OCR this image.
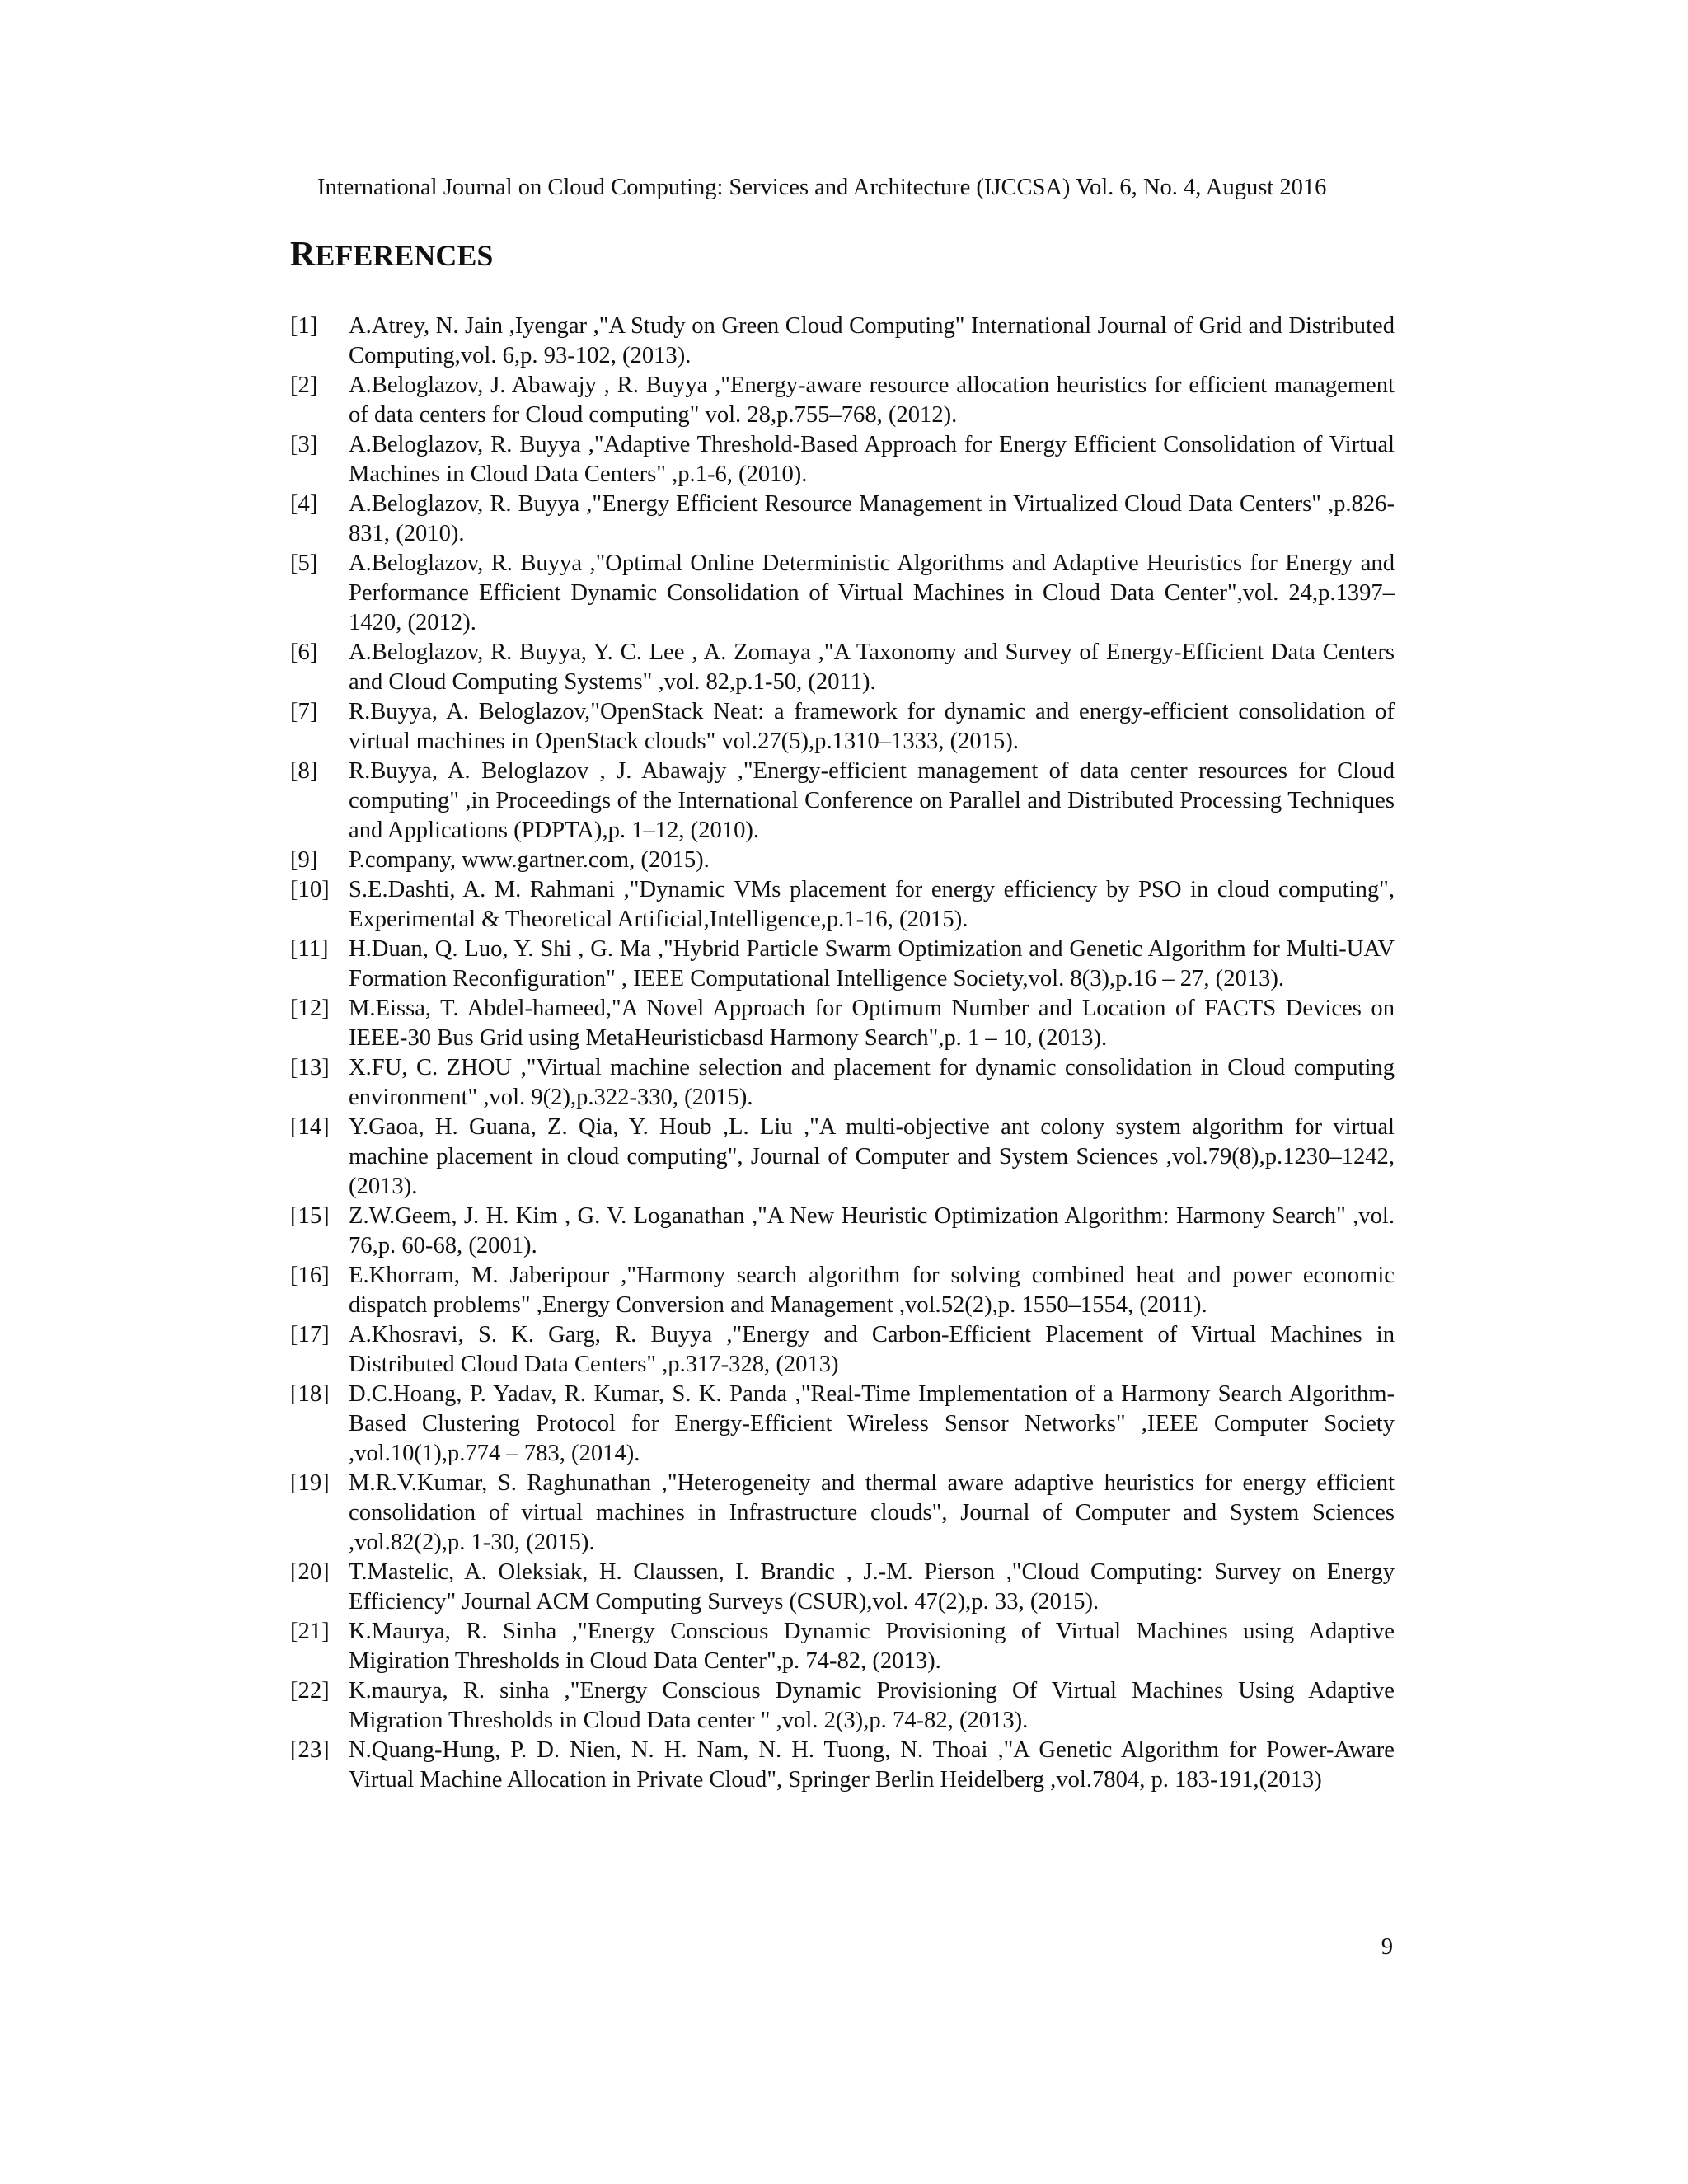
International Journal on Cloud Computing: Services and Architecture (IJCCSA) Vol. 6, No. 4, August 2016
REFERENCES
[1] A.Atrey, N. Jain ,Iyengar ,"A Study on Green Cloud Computing" International Journal of Grid and Distributed Computing,vol. 6,p. 93-102, (2013).
[2] A.Beloglazov, J. Abawajy , R. Buyya ,"Energy-aware resource allocation heuristics for efficient management of data centers for Cloud computing" vol. 28,p.755–768, (2012).
[3] A.Beloglazov, R. Buyya ,"Adaptive Threshold-Based Approach for Energy Efficient Consolidation of Virtual Machines in Cloud Data Centers" ,p.1-6, (2010).
[4] A.Beloglazov, R. Buyya ,"Energy Efficient Resource Management in Virtualized Cloud Data Centers" ,p.826-831, (2010).
[5] A.Beloglazov, R. Buyya ,"Optimal Online Deterministic Algorithms and Adaptive Heuristics for Energy and Performance Efficient Dynamic Consolidation of Virtual Machines in Cloud Data Center",vol. 24,p.1397–1420, (2012).
[6] A.Beloglazov, R. Buyya, Y. C. Lee , A. Zomaya ,"A Taxonomy and Survey of Energy-Efficient Data Centers and Cloud Computing Systems" ,vol. 82,p.1-50, (2011).
[7] R.Buyya, A. Beloglazov,"OpenStack Neat: a framework for dynamic and energy-efficient consolidation of virtual machines in OpenStack clouds" vol.27(5),p.1310–1333, (2015).
[8] R.Buyya, A. Beloglazov , J. Abawajy ,"Energy-efficient management of data center resources for Cloud computing" ,in Proceedings of the International Conference on Parallel and Distributed Processing Techniques and Applications (PDPTA),p. 1–12, (2010).
[9] P.company, www.gartner.com, (2015).
[10] S.E.Dashti, A. M. Rahmani ,"Dynamic VMs placement for energy efficiency by PSO in cloud computing", Experimental & Theoretical Artificial,Intelligence,p.1-16, (2015).
[11] H.Duan, Q. Luo, Y. Shi , G. Ma ,"Hybrid Particle Swarm Optimization and Genetic Algorithm for Multi-UAV Formation Reconfiguration" , IEEE Computational Intelligence Society,vol. 8(3),p.16 – 27, (2013).
[12] M.Eissa, T. Abdel-hameed,"A Novel Approach for Optimum Number and Location of FACTS Devices on IEEE-30 Bus Grid using MetaHeuristicbasd Harmony Search",p. 1 – 10, (2013).
[13] X.FU, C. ZHOU ,"Virtual machine selection and placement for dynamic consolidation in Cloud computing environment" ,vol. 9(2),p.322-330, (2015).
[14] Y.Gaoa, H. Guana, Z. Qia, Y. Houb ,L. Liu ,"A multi-objective ant colony system algorithm for virtual machine placement in cloud computing", Journal of Computer and System Sciences ,vol.79(8),p.1230–1242, (2013).
[15] Z.W.Geem, J. H. Kim , G. V. Loganathan ,"A New Heuristic Optimization Algorithm: Harmony Search" ,vol. 76,p. 60-68, (2001).
[16] E.Khorram, M. Jaberipour ,"Harmony search algorithm for solving combined heat and power economic dispatch problems" ,Energy Conversion and Management ,vol.52(2),p. 1550–1554, (2011).
[17] A.Khosravi, S. K. Garg, R. Buyya ,"Energy and Carbon-Efficient Placement of Virtual Machines in Distributed Cloud Data Centers" ,p.317-328, (2013)
[18] D.C.Hoang, P. Yadav, R. Kumar, S. K. Panda ,"Real-Time Implementation of a Harmony Search Algorithm-Based Clustering Protocol for Energy-Efficient Wireless Sensor Networks" ,IEEE Computer Society ,vol.10(1),p.774 – 783, (2014).
[19] M.R.V.Kumar, S. Raghunathan ,"Heterogeneity and thermal aware adaptive heuristics for energy efficient consolidation of virtual machines in Infrastructure clouds", Journal of Computer and System Sciences ,vol.82(2),p. 1-30, (2015).
[20] T.Mastelic, A. Oleksiak, H. Claussen, I. Brandic , J.-M. Pierson ,"Cloud Computing: Survey on Energy Efficiency" Journal ACM Computing Surveys (CSUR),vol. 47(2),p. 33, (2015).
[21] K.Maurya, R. Sinha ,"Energy Conscious Dynamic Provisioning of Virtual Machines using Adaptive Migiration Thresholds in Cloud Data Center",p. 74-82, (2013).
[22] K.maurya, R. sinha ,"Energy Conscious Dynamic Provisioning Of Virtual Machines Using Adaptive Migration Thresholds in Cloud Data center " ,vol. 2(3),p. 74-82, (2013).
[23] N.Quang-Hung, P. D. Nien, N. H. Nam, N. H. Tuong, N. Thoai ,"A Genetic Algorithm for Power-Aware Virtual Machine Allocation in Private Cloud", Springer Berlin Heidelberg ,vol.7804, p. 183-191,(2013)
9
